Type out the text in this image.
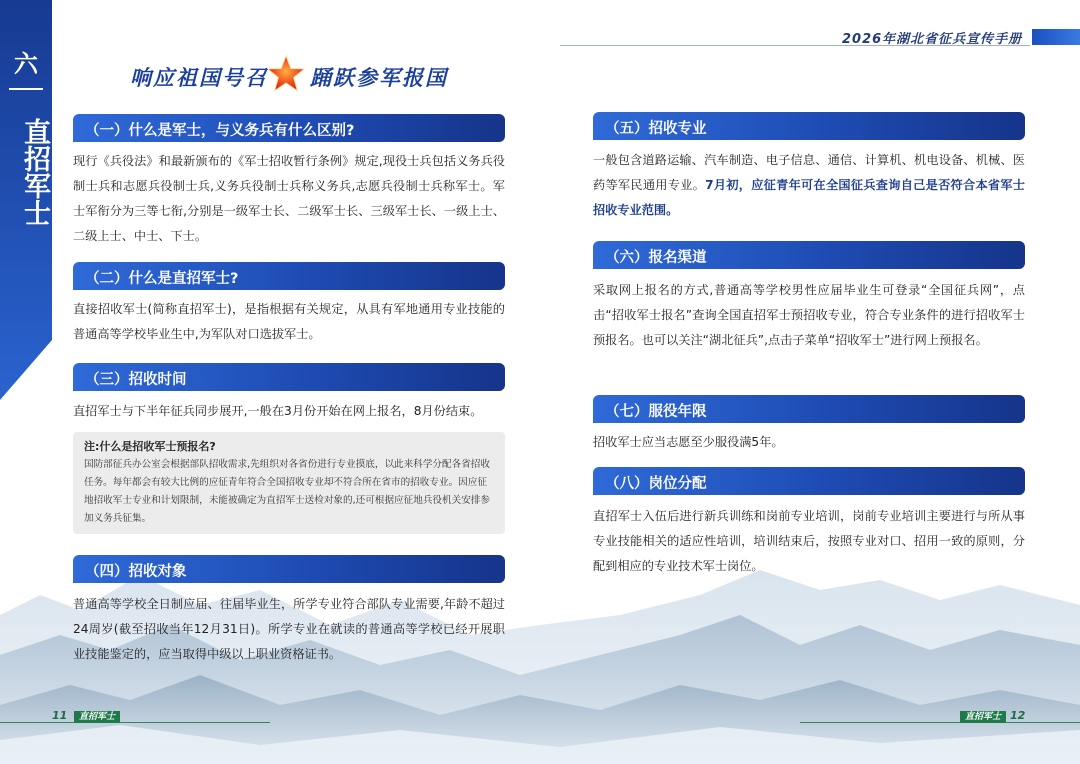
六
直招军士
2026年湖北省征兵宣传手册
响应祖国号召 踊跃参军报国
（一）什么是军士，与义务兵有什么区别?
现行《兵役法》和最新颁布的《军士招收暂行条例》规定,现役士兵包括义务兵役制士兵和志愿兵役制士兵,义务兵役制士兵称义务兵,志愿兵役制士兵称军士。军士军衔分为三等七衔,分别是一级军士长、二级军士长、三级军士长、一级上士、二级上士、中士、下士。
（二）什么是直招军士?
直接招收军士(简称直招军士)，是指根据有关规定，从具有军地通用专业技能的普通高等学校毕业生中,为军队对口选拔军士。
（三）招收时间
直招军士与下半年征兵同步展开,一般在3月份开始在网上报名，8月份结束。
注:什么是招收军士预报名?
国防部征兵办公室会根据部队招收需求,先组织对各省份进行专业摸底，以此来科学分配各省招收任务。每年都会有较大比例的应征青年符合全国招收专业却不符合所在省市的招收专业。因应征地招收军士专业和计划限制，未能被确定为直招军士送检对象的,还可根据应征地兵役机关安排参加义务兵征集。
（四）招收对象
普通高等学校全日制应届、往届毕业生，所学专业符合部队专业需要,年龄不超过24周岁(截至招收当年12月31日)。所学专业在就读的普通高等学校已经开展职业技能鉴定的，应当取得中级以上职业资格证书。
（五）招收专业
一般包含道路运输、汽车制造、电子信息、通信、计算机、机电设备、机械、医药等军民通用专业。7月初，应征青年可在全国征兵查询自己是否符合本省军士招收专业范围。
（六）报名渠道
采取网上报名的方式,普通高等学校男性应届毕业生可登录“全国征兵网”，点击“招收军士报名”查询全国直招军士预招收专业，符合专业条件的进行招收军士预报名。也可以关注“湖北征兵”,点击子菜单“招收军士”进行网上预报名。
（七）服役年限
招收军士应当志愿至少服役满5年。
（八）岗位分配
直招军士入伍后进行新兵训练和岗前专业培训，岗前专业培训主要进行与所从事专业技能相关的适应性培训，培训结束后，按照专业对口、招用一致的原则，分配到相应的专业技术军士岗位。
11	直招军士	直招军士 12
